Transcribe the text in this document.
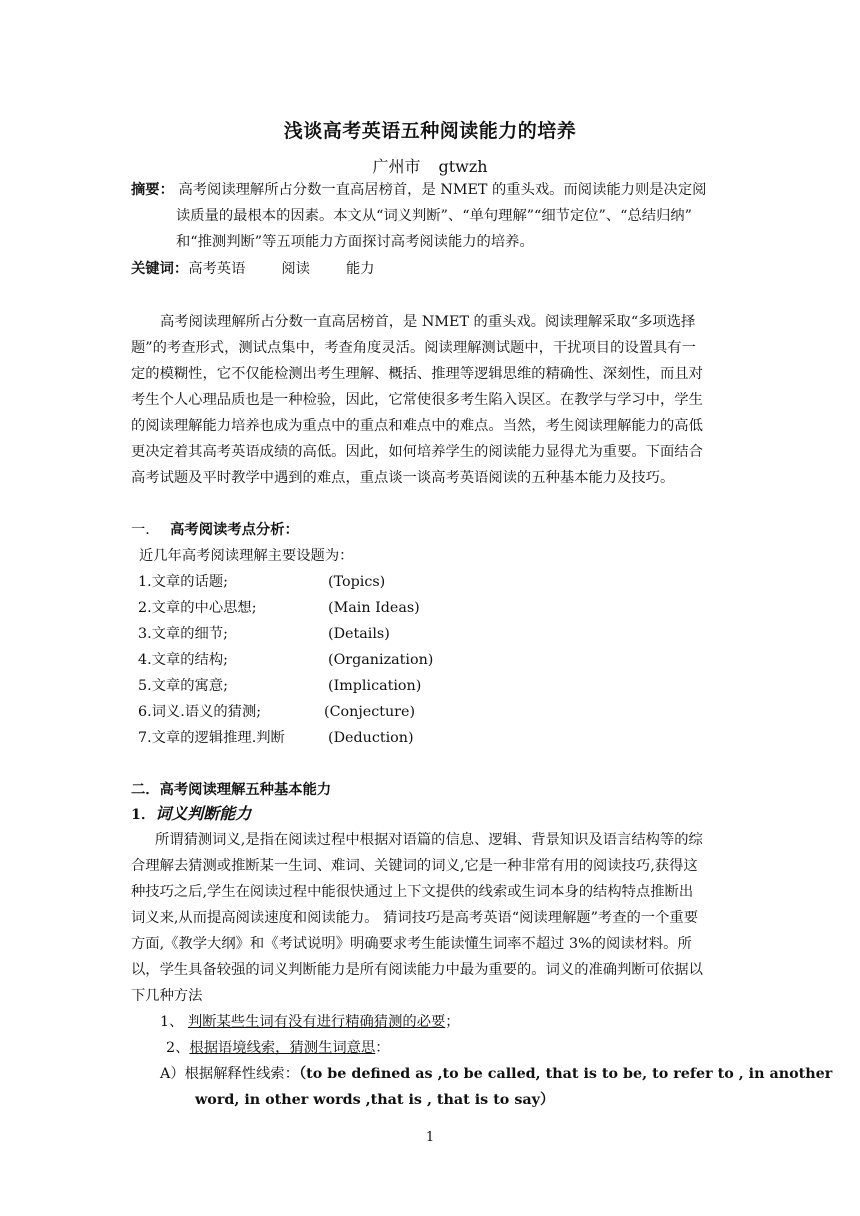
浅谈高考英语五种阅读能力的培养
广州市 gtwzh
摘要： 高考阅读理解所占分数一直高居榜首，是 NMET 的重头戏。而阅读能力则是决定阅
读质量的最根本的因素。本文从“词义判断”、“单句理解”“细节定位”、“总结归纳”
和“推测判断”等五项能力方面探讨高考阅读能力的培养。
关键词：高考英语	阅读	能力
高考阅读理解所占分数一直高居榜首，是 NMET 的重头戏。阅读理解采取“多项选择
题”的考查形式，测试点集中，考查角度灵活。阅读理解测试题中，干扰项目的设置具有一
定的模糊性，它不仅能检测出考生理解、概括、推理等逻辑思维的精确性、深刻性，而且对
考生个人心理品质也是一种检验，因此，它常使很多考生陷入误区。在教学与学习中，学生
的阅读理解能力培养也成为重点中的重点和难点中的难点。当然，考生阅读理解能力的高低
更决定着其高考英语成绩的高低。因此，如何培养学生的阅读能力显得尤为重要。下面结合
高考试题及平时教学中遇到的难点，重点谈一谈高考英语阅读的五种基本能力及技巧。
一． 高考阅读考点分析：
近几年高考阅读理解主要设题为：
1.文章的话题;	(Topics)
2.文章的中心思想;	(Main Ideas)
3.文章的细节;	(Details)
4.文章的结构;	(Organization)
5.文章的寓意;	(Implication)
6.词义.语义的猜测;	(Conjecture)
7.文章的逻辑推理.判断	(Deduction)
二．高考阅读理解五种基本能力
1．词义判断能力
所谓猜测词义,是指在阅读过程中根据对语篇的信息、逻辑、背景知识及语言结构等的综
合理解去猜测或推断某一生词、难词、关键词的词义,它是一种非常有用的阅读技巧,获得这
种技巧之后,学生在阅读过程中能很快通过上下文提供的线索或生词本身的结构特点推断出
词义来,从而提高阅读速度和阅读能力。 猜词技巧是高考英语“阅读理解题”考查的一个重要
方面,《教学大纲》和《考试说明》明确要求考生能读懂生词率不超过 3%的阅读材料。所
以，学生具备较强的词义判断能力是所有阅读能力中最为重要的。词义的准确判断可依据以
下几种方法
1、 判断某些生词有没有进行精确猜测的必要；
2、根据语境线索，猜测生词意思：
A）根据解释性线索：（to be defined as ,to be called, that is to be, to refer to , in another
word, in other words ,that is , that is to say）
1
